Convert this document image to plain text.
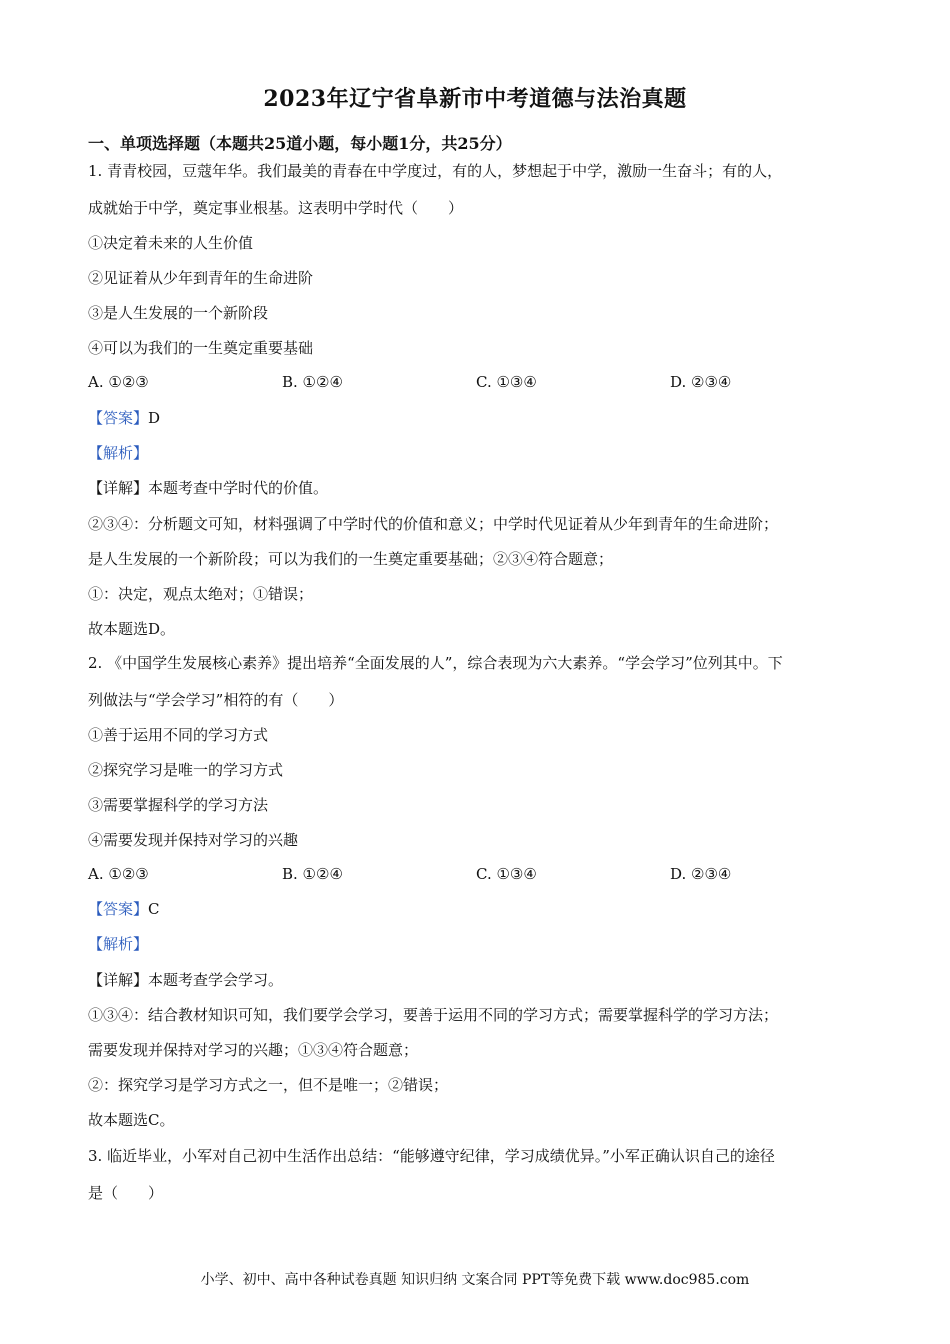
2023年辽宁省阜新市中考道德与法治真题
一、单项选择题（本题共25道小题，每小题1分，共25分）
1. 青青校园，豆蔻年华。我们最美的青春在中学度过，有的人，梦想起于中学，激励一生奋斗；有的人，
成就始于中学，奠定事业根基。这表明中学时代（　　）
①决定着未来的人生价值
②见证着从少年到青年的生命进阶
③是人生发展的一个新阶段
④可以为我们的一生奠定重要基础
A. ①②③	B. ①②④	C. ①③④	D. ②③④
【答案】D
【解析】
【详解】本题考查中学时代的价值。
②③④：分析题文可知，材料强调了中学时代的价值和意义；中学时代见证着从少年到青年的生命进阶；
是人生发展的一个新阶段；可以为我们的一生奠定重要基础；②③④符合题意；
①：决定，观点太绝对；①错误；
故本题选D。
2. 《中国学生发展核心素养》提出培养“全面发展的人”，综合表现为六大素养。“学会学习”位列其中。下
列做法与“学会学习”相符的有（　　）
①善于运用不同的学习方式
②探究学习是唯一的学习方式
③需要掌握科学的学习方法
④需要发现并保持对学习的兴趣
A. ①②③	B. ①②④	C. ①③④	D. ②③④
【答案】C
【解析】
【详解】本题考查学会学习。
①③④：结合教材知识可知，我们要学会学习，要善于运用不同的学习方式；需要掌握科学的学习方法；
需要发现并保持对学习的兴趣；①③④符合题意；
②：探究学习是学习方式之一，但不是唯一；②错误；
故本题选C。
3. 临近毕业，小军对自己初中生活作出总结：“能够遵守纪律，学习成绩优异。”小军正确认识自己的途径
是（　　）
小学、初中、高中各种试卷真题 知识归纳 文案合同 PPT等免费下载 www.doc985.com
